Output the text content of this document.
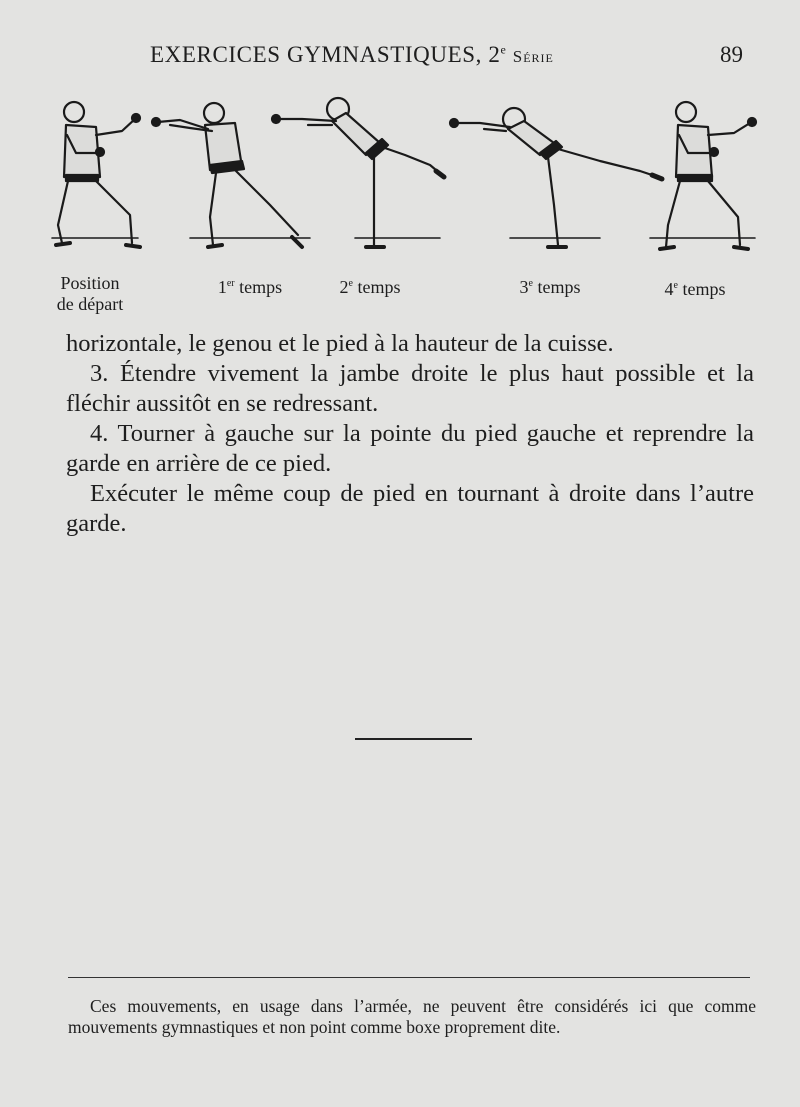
EXERCICES GYMNASTIQUES, 2e Série	89
Position
de départ
1er temps	2e temps	3e temps	4e temps

horizontale, le genou et le pied à la hauteur de la cuisse.

3. Étendre vivement la jambe droite le plus haut possible et la fléchir aussitôt en se redressant.

4. Tourner à gauche sur la pointe du pied gauche et reprendre la garde en arrière de ce pied.

Exécuter le même coup de pied en tournant à droite dans l’autre garde.

Ces mouvements, en usage dans l’armée, ne peuvent être considérés ici que comme mouvements gymnastiques et non point comme boxe proprement dite.
